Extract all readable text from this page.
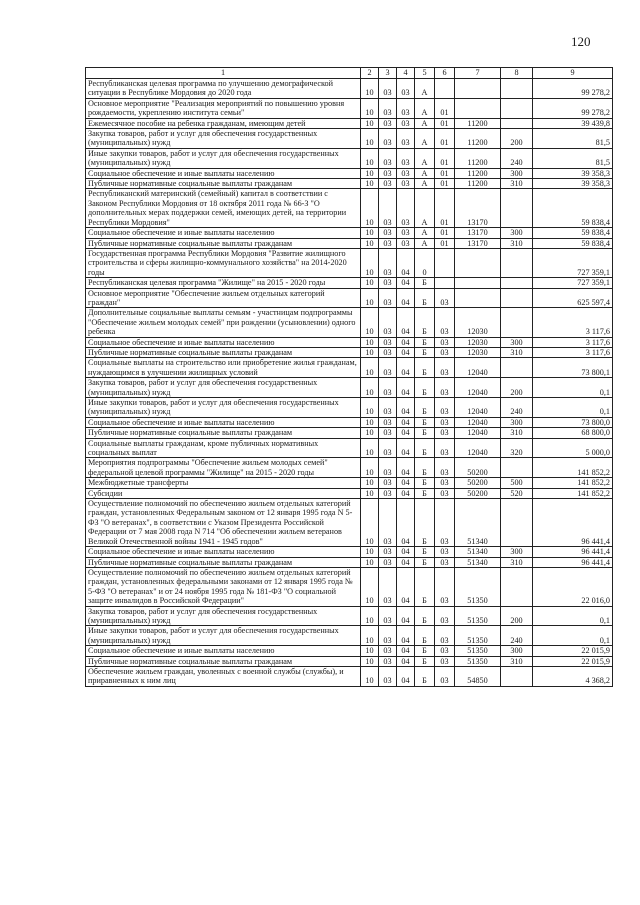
120
1	2	3	4	5	6	7	8	9
Республиканская целевая программа по улучшению демографической ситуации в Республике Мордовия до 2020 года	10	03	03	А				99 278,2
Основное мероприятие "Реализация мероприятий по повышению уровня рождаемости, укреплению института семьи"	10	03	03	А	01			99 278,2
Ежемесячное пособие на ребенка гражданам, имеющим детей	10	03	03	А	01	11200		39 439,8
Закупка товаров, работ и услуг для обеспечения государственных (муниципальных) нужд	10	03	03	А	01	11200	200	81,5
Иные закупки товаров, работ и услуг для обеспечения государственных (муниципальных) нужд	10	03	03	А	01	11200	240	81,5
Социальное обеспечение и иные выплаты населению	10	03	03	А	01	11200	300	39 358,3
Публичные нормативные социальные выплаты гражданам	10	03	03	А	01	11200	310	39 358,3
Республиканский материнский (семейный) капитал в соответствии с Законом Республики Мордовия от 18 октября 2011 года № 66-З "О дополнительных мерах поддержки семей, имеющих детей, на территории Республики Мордовия"	10	03	03	А	01	13170		59 838,4
Социальное обеспечение и иные выплаты населению	10	03	03	А	01	13170	300	59 838,4
Публичные нормативные социальные выплаты гражданам	10	03	03	А	01	13170	310	59 838,4
Государственная программа Республики Мордовия "Развитие жилищного строительства и сферы жилищно-коммунального хозяйства" на 2014-2020 годы	10	03	04	0				727 359,1
Республиканская целевая программа "Жилище" на 2015 - 2020 годы	10	03	04	Б				727 359,1
Основное мероприятие "Обеспечение жильем отдельных категорий граждан"	10	03	04	Б	03			625 597,4
Дополнительные социальные выплаты семьям - участницам подпрограммы "Обеспечение жильем молодых семей" при рождении (усыновлении) одного ребенка	10	03	04	Б	03	12030		3 117,6
Социальное обеспечение и иные выплаты населению	10	03	04	Б	03	12030	300	3 117,6
Публичные нормативные социальные выплаты гражданам	10	03	04	Б	03	12030	310	3 117,6
Социальные выплаты на строительство или приобретение жилья гражданам, нуждающимся в улучшении жилищных условий	10	03	04	Б	03	12040		73 800,1
Закупка товаров, работ и услуг для обеспечения государственных (муниципальных) нужд	10	03	04	Б	03	12040	200	0,1
Иные закупки товаров, работ и услуг для обеспечения государственных (муниципальных) нужд	10	03	04	Б	03	12040	240	0,1
Социальное обеспечение и иные выплаты населению	10	03	04	Б	03	12040	300	73 800,0
Публичные нормативные социальные выплаты гражданам	10	03	04	Б	03	12040	310	68 800,0
Социальные выплаты гражданам, кроме публичных нормативных социальных выплат	10	03	04	Б	03	12040	320	5 000,0
Мероприятия подпрограммы "Обеспечение жильем молодых семей" федеральной целевой программы "Жилище" на 2015 - 2020 годы	10	03	04	Б	03	50200		141 852,2
Межбюджетные трансферты	10	03	04	Б	03	50200	500	141 852,2
Субсидии	10	03	04	Б	03	50200	520	141 852,2
Осуществление полномочий по обеспечению жильем отдельных категорий граждан, установленных Федеральным законом от 12 января 1995 года N 5-ФЗ "О ветеранах", в соответствии с Указом Президента Российской Федерации от 7 мая 2008 года N 714 "Об обеспечении жильем ветеранов Великой Отечественной войны 1941 - 1945 годов"	10	03	04	Б	03	51340		96 441,4
Социальное обеспечение и иные выплаты населению	10	03	04	Б	03	51340	300	96 441,4
Публичные нормативные социальные выплаты гражданам	10	03	04	Б	03	51340	310	96 441,4
Осуществление полномочий по обеспечению жильем отдельных категорий граждан, установленных федеральными законами от 12 января 1995 года № 5-ФЗ "О ветеранах" и от 24 ноября 1995 года № 181-ФЗ "О социальной защите инвалидов в Российской Федерации"	10	03	04	Б	03	51350		22 016,0
Закупка товаров, работ и услуг для обеспечения государственных (муниципальных) нужд	10	03	04	Б	03	51350	200	0,1
Иные закупки товаров, работ и услуг для обеспечения государственных (муниципальных) нужд	10	03	04	Б	03	51350	240	0,1
Социальное обеспечение и иные выплаты населению	10	03	04	Б	03	51350	300	22 015,9
Публичные нормативные социальные выплаты гражданам	10	03	04	Б	03	51350	310	22 015,9
Обеспечение жильем граждан, уволенных с военной службы (службы), и приравненных к ним лиц	10	03	04	Б	03	54850		4 368,2
